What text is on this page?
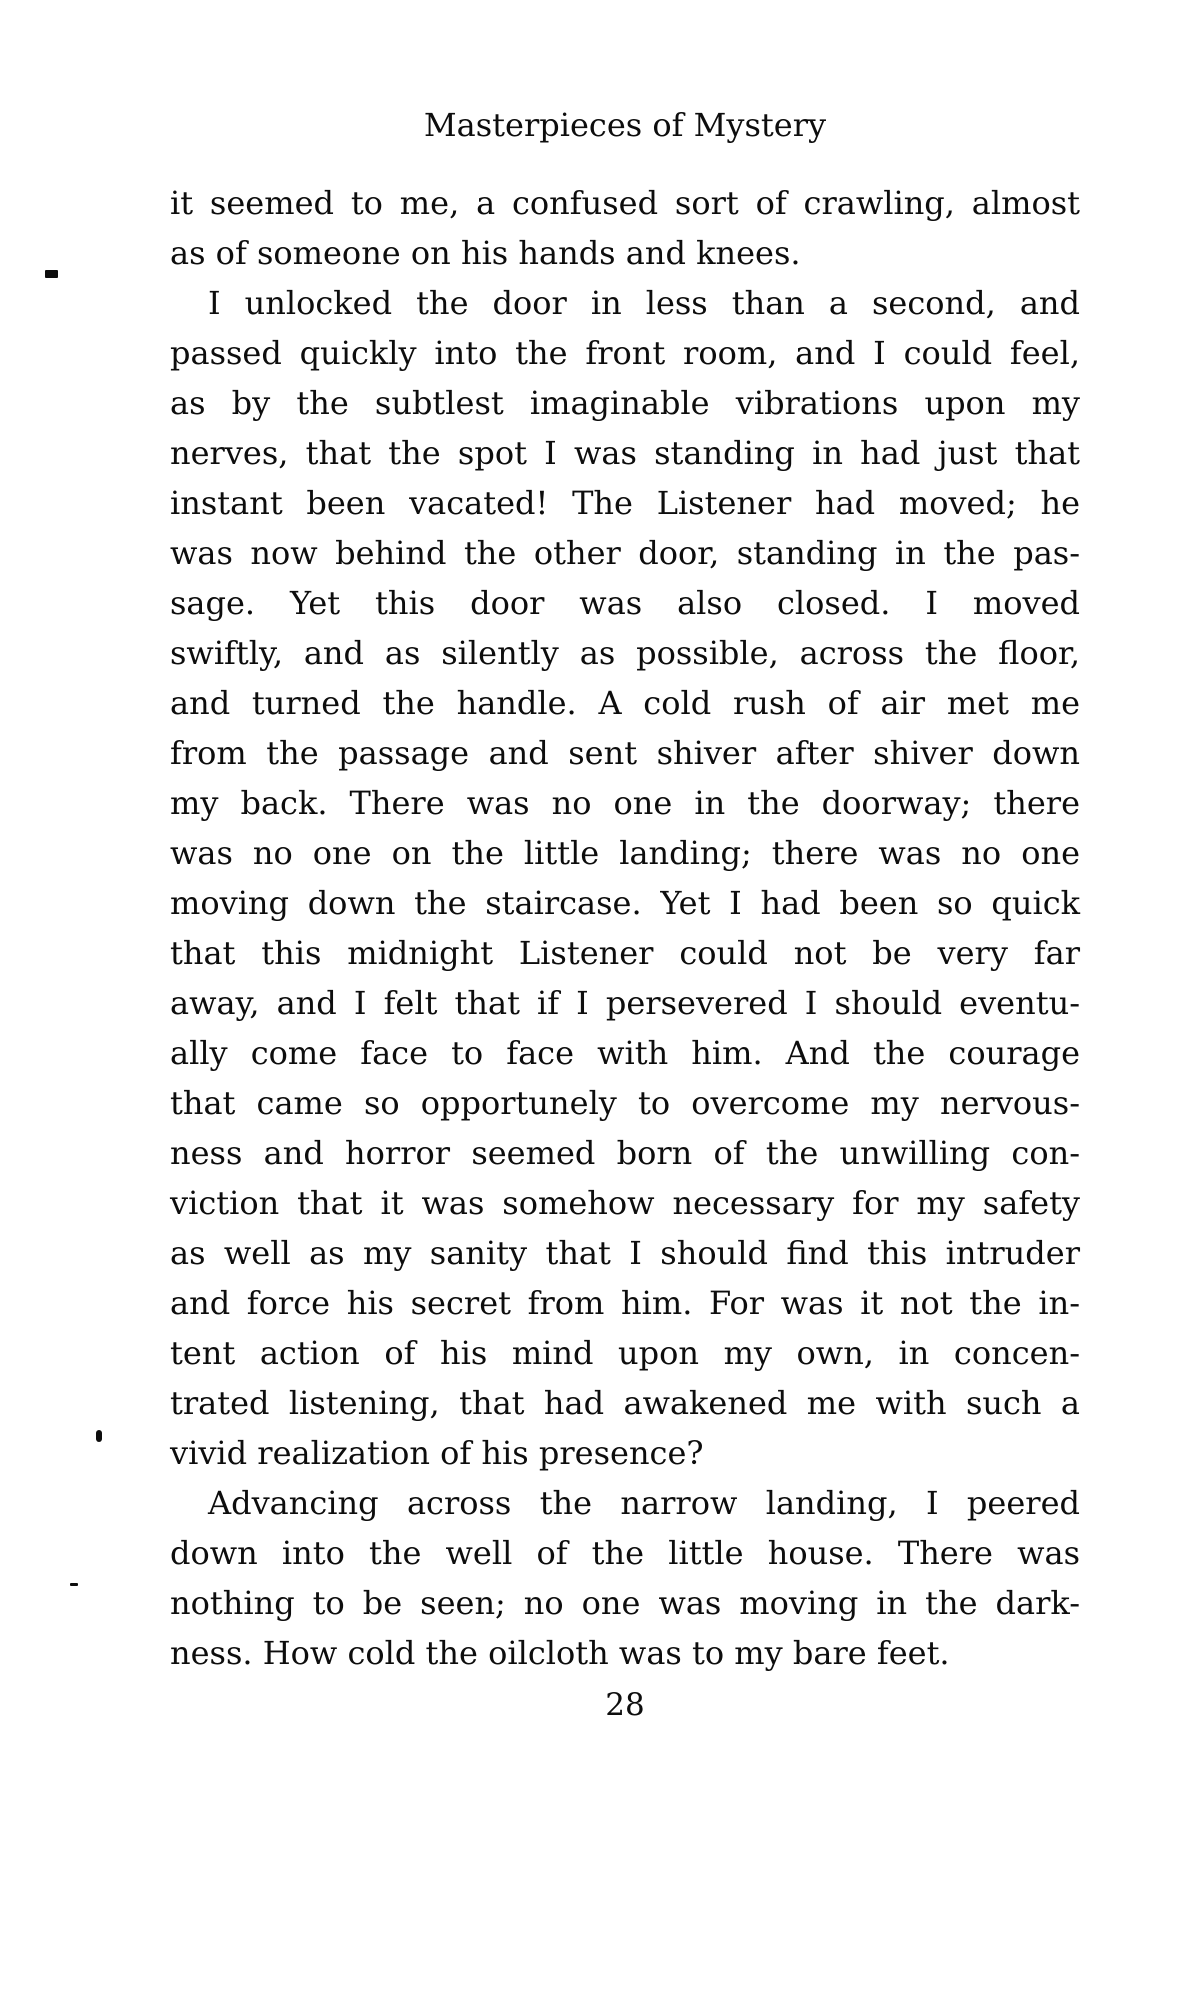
Masterpieces of Mystery
it seemed to me, a confused sort of crawling, almost
as of someone on his hands and knees.
I unlocked the door in less than a second, and
passed quickly into the front room, and I could feel,
as by the subtlest imaginable vibrations upon my
nerves, that the spot I was standing in had just that
instant been vacated! The Listener had moved; he
was now behind the other door, standing in the pas-
sage. Yet this door was also closed. I moved
swiftly, and as silently as possible, across the floor,
and turned the handle. A cold rush of air met me
from the passage and sent shiver after shiver down
my back. There was no one in the doorway; there
was no one on the little landing; there was no one
moving down the staircase. Yet I had been so quick
that this midnight Listener could not be very far
away, and I felt that if I persevered I should eventu-
ally come face to face with him. And the courage
that came so opportunely to overcome my nervous-
ness and horror seemed born of the unwilling con-
viction that it was somehow necessary for my safety
as well as my sanity that I should find this intruder
and force his secret from him. For was it not the in-
tent action of his mind upon my own, in concen-
trated listening, that had awakened me with such a
vivid realization of his presence?
Advancing across the narrow landing, I peered
down into the well of the little house. There was
nothing to be seen; no one was moving in the dark-
ness. How cold the oilcloth was to my bare feet.
28
